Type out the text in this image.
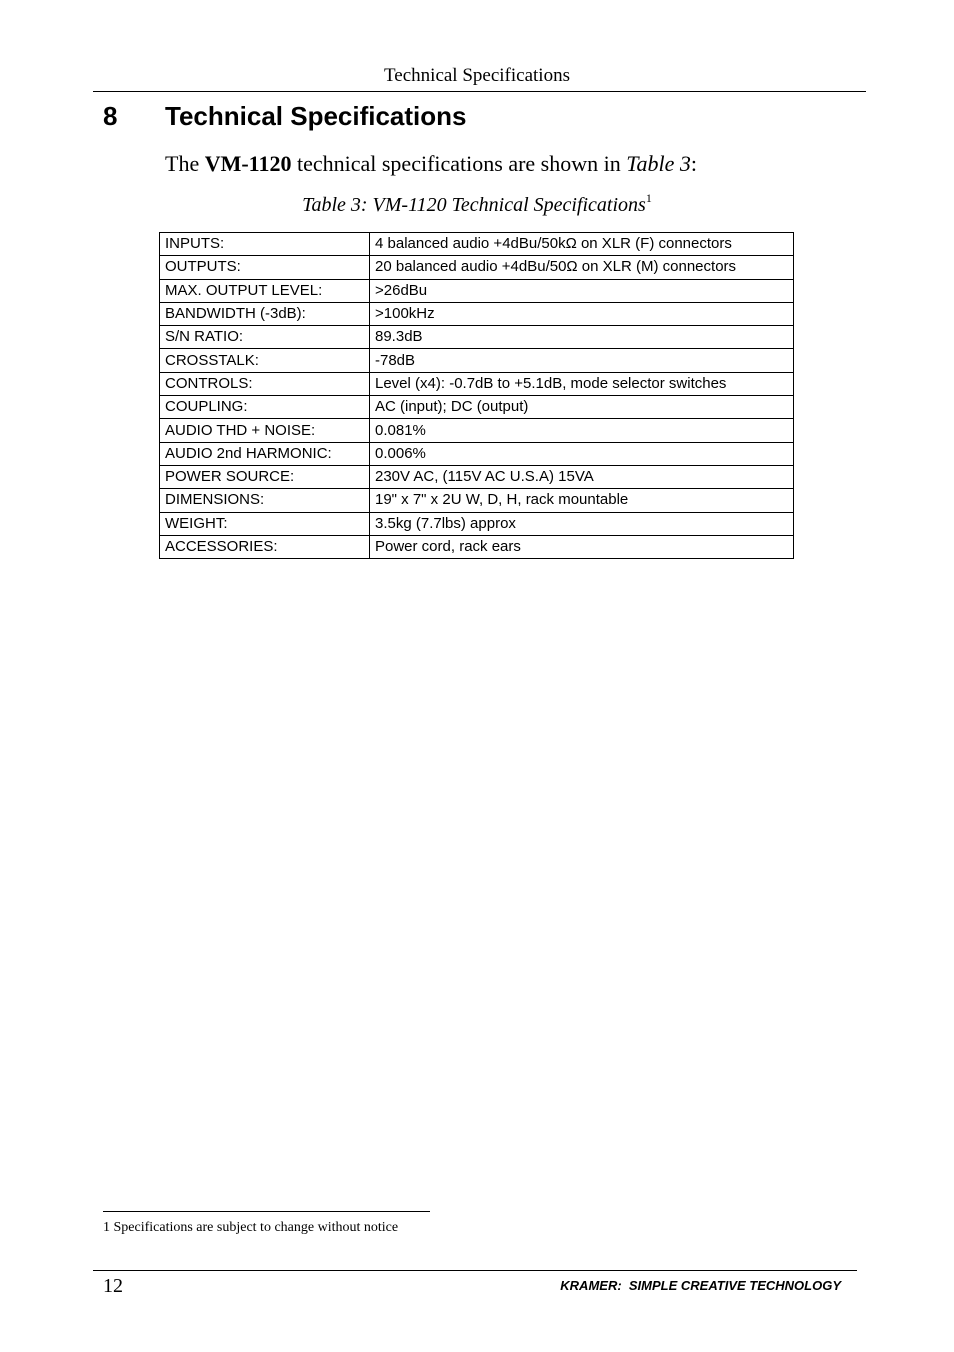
Technical Specifications
8 Technical Specifications
The VM-1120 technical specifications are shown in Table 3:
Table 3: VM-1120 Technical Specifications$^1$
INPUTS:	4 balanced audio +4dBu/50kΩ on XLR (F) connectors
OUTPUTS:	20 balanced audio +4dBu/50Ω on XLR (M) connectors
MAX. OUTPUT LEVEL:	>26dBu
BANDWIDTH (-3dB):	>100kHz
S/N RATIO:	89.3dB
CROSSTALK:	-78dB
CONTROLS:	Level (x4): -0.7dB to +5.1dB, mode selector switches
COUPLING:	AC (input); DC (output)
AUDIO THD + NOISE:	0.081%
AUDIO 2nd HARMONIC:	0.006%
POWER SOURCE:	230V AC, (115V AC U.S.A) 15VA
DIMENSIONS:	19" x 7" x 2U W, D, H, rack mountable
WEIGHT:	3.5kg (7.7lbs) approx
ACCESSORIES:	Power cord, rack ears
1 Specifications are subject to change without notice
12	KRAMER:  SIMPLE CREATIVE TECHNOLOGY
